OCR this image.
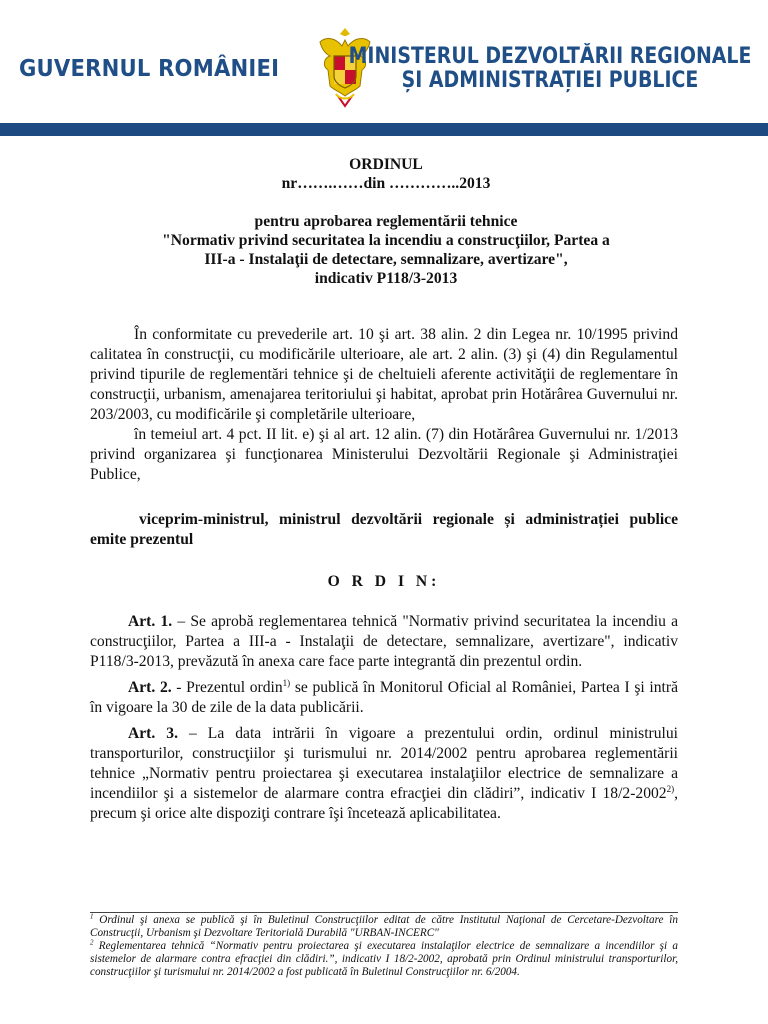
GUVERNUL ROMÂNIEI	MINISTERUL DEZVOLTĂRII REGIONALE
ȘI ADMINISTRAȚIEI PUBLICE

ORDINUL

nr…….……din …………..2013

pentru aprobarea reglementării tehnice

"Normativ privind securitatea la incendiu a construcţiilor, Partea a

III-a - Instalaţii de detectare, semnalizare, avertizare",

indicativ P118/3-2013

În conformitate cu prevederile art. 10 şi art. 38 alin. 2 din Legea nr. 10/1995 privind calitatea în construcţii, cu modificările ulterioare, ale art. 2 alin. (3) şi (4) din Regulamentul privind tipurile de reglementări tehnice şi de cheltuieli aferente activităţii de reglementare în construcţii, urbanism, amenajarea teritoriului şi habitat, aprobat prin Hotărârea Guvernului nr. 203/2003, cu modificările şi completările ulterioare,

în temeiul art. 4 pct. II lit. e) şi al art. 12 alin. (7) din Hotărârea Guvernului nr. 1/2013 privind organizarea şi funcţionarea Ministerului Dezvoltării Regionale şi Administraţiei Publice,

viceprim-ministrul, ministrul dezvoltării regionale și administrației publice emite prezentul

O R D I N:

Art. 1. – Se aprobă reglementarea tehnică "Normativ privind securitatea la incendiu a construcţiilor, Partea a III-a - Instalaţii de detectare, semnalizare, avertizare", indicativ P118/3-2013, prevăzută în anexa care face parte integrantă din prezentul ordin.

Art. 2. - Prezentul ordin$^{1)}$ se publică în Monitorul Oficial al României, Partea I şi intră în vigoare la 30 de zile de la data publicării.

Art. 3. – La data intrării în vigoare a prezentului ordin, ordinul ministrului transporturilor, construcţiilor şi turismului nr. 2014/2002 pentru aprobarea reglementării tehnice „Normativ pentru proiectarea şi executarea instalaţiilor electrice de semnalizare a incendiilor şi a sistemelor de alarmare contra efracţiei din clădiri”, indicativ I 18/2-2002$^{2)}$, precum şi orice alte dispoziţi contrare îşi încetează aplicabilitatea.

$^1$ Ordinul şi anexa se publică şi în Buletinul Construcţiilor editat de către Institutul Naţional de Cercetare-Dezvoltare în Construcţii, Urbanism şi Dezvoltare Teritorială Durabilă "URBAN-INCERC"

$^2$ Reglementarea tehnică “Normativ pentru proiectarea şi executarea instalaţilor electrice de semnalizare a incendiilor şi a sistemelor de alarmare contra efracţiei din clădiri.”, indicativ I 18/2-2002, aprobată prin Ordinul ministrului transporturilor, construcţiilor şi turismului nr. 2014/2002 a fost publicată în Buletinul Construcţiilor nr. 6/2004.
